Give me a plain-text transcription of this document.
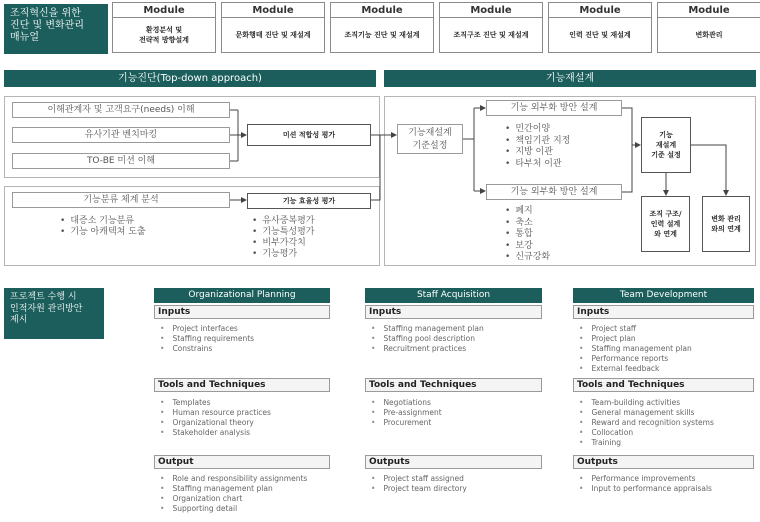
조직혁신을 위한
진단 및 변화관리
매뉴얼
Module
환경분석 및
전략적 방향설계
Module
문화행태 진단 및 재설계
Module
조직기능 진단 및 재설계
Module
조직구조 진단 및 재설계
Module
인력 진단 및 재설계
Module
변화관리
기능진단(Top-down approach)	기능재설계
이해관계자 및 고객요구(needs) 이해
유사기관 벤치마킹
TO-BE 미션 이해
미션 적합성 평가
기능분류 체계 분석
• 대증소 기능분류
• 기능 아캐텍쳐 도출
기능 효율성 평가
• 유사중복평가
• 기능특성평가
• 비부가각치
• 기능평가
기능재설계
기준설정
기능 외부화 방안 설계
• 민간이양
• 책임기관 지정
• 지방 이관
• 타부처 이관
기능 외부화 방안 설계
• 폐지
• 축소
• 통합
• 보강
• 신규강화
기능
재설계
기준 설정
조직 구조/
인력 설계
와 연계
변화 관리
와의 연계
프로젝트 수행 시
인적자원 관리방안
제시
Organizational Planning
Inputs
• Project interfaces
• Staffing requirements
• Constrains
Tools and Techniques
• Templates
• Human resource practices
• Organizational theory
• Stakeholder analysis
Output
• Role and responsibility assignments
• Staffing management plan
• Organization chart
• Supporting detail
Staff Acquisition
Inputs
• Staffing management plan
• Staffing pool description
• Recruitment practices
Tools and Techniques
• Negotiations
• Pre-assignment
• Procurement
Outputs
• Project staff assigned
• Project team directory
Team Development
Inputs
• Project staff
• Project plan
• Staffing management plan
• Performance reports
• External feedback
Tools and Techniques
• Team-building activities
• General management skills
• Reward and recognition systems
• Collocation
• Training
Outputs
• Performance improvements
• Input to performance appraisals
